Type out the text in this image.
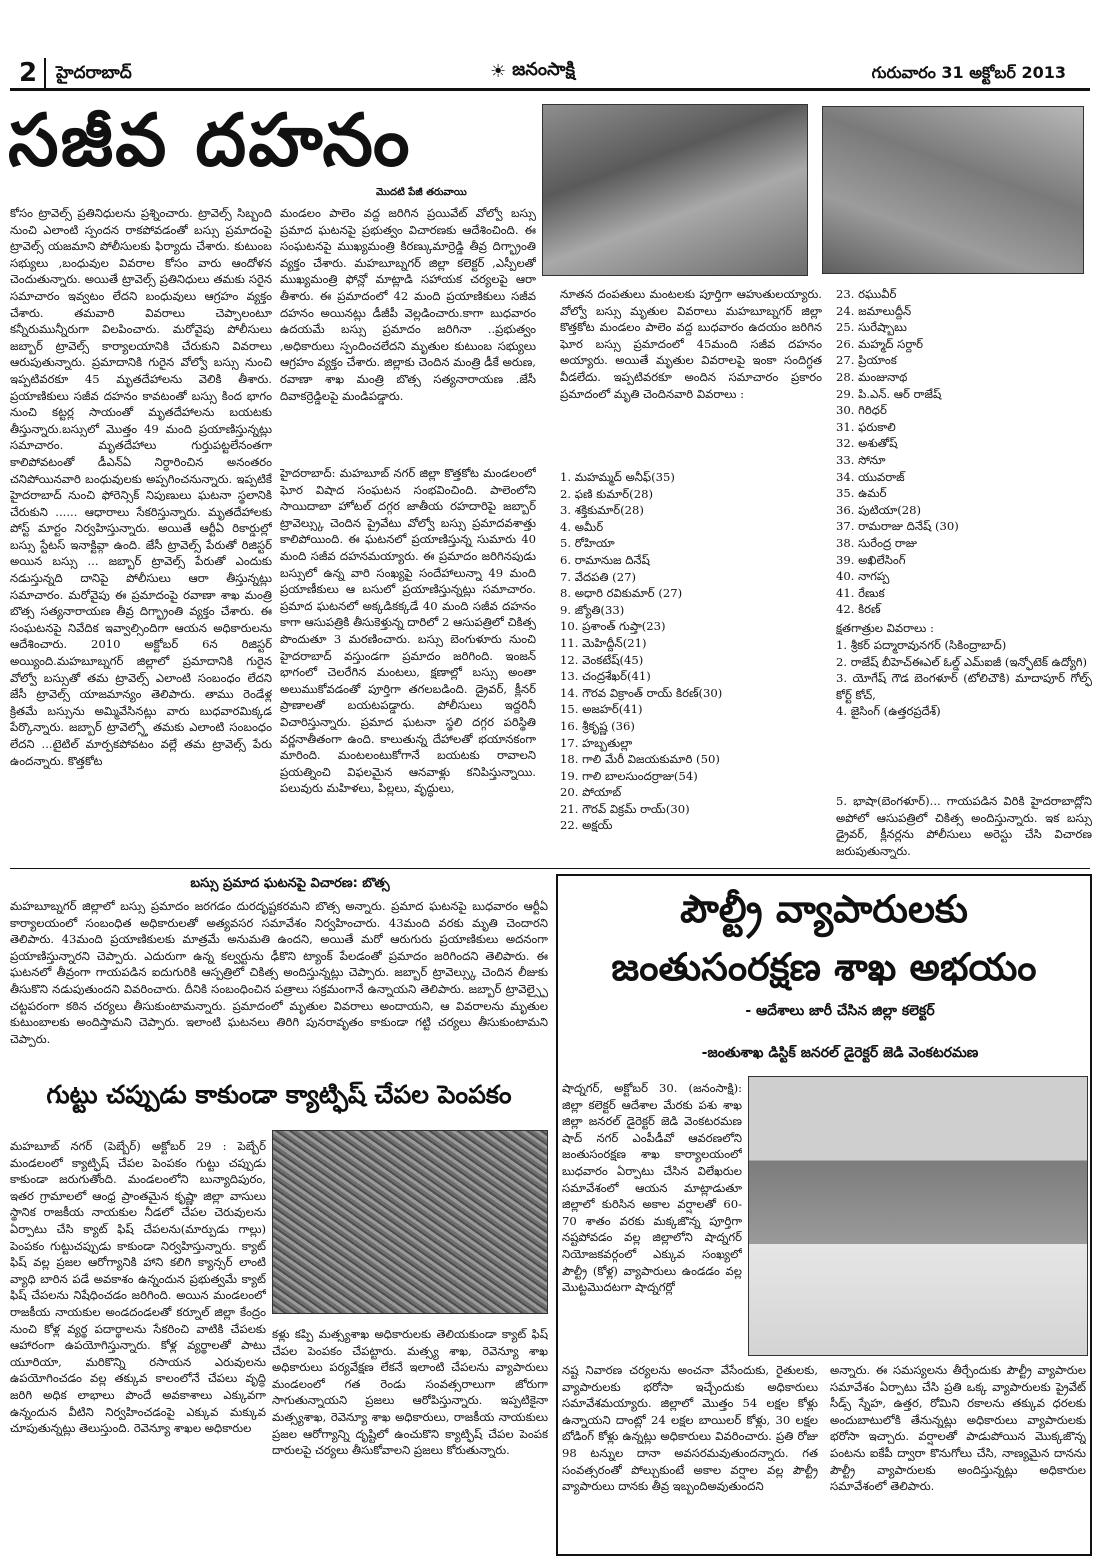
2	హైదరాబాద్	☀ జనంసాక్షి	గురువారం 31 అక్టోబర్ 2013
సజీవ దహనం
మొదటి పేజీ తరువాయి
కోసం ట్రావెల్స్ ప్రతినిధులను ప్రశ్నించారు. ట్రావెల్స్ సిబ్బంది నుంచి ఎలాంటి స్పందన రాకపోవడంతో బస్సు ప్రమాదంపై ట్రావెల్స్ యజమాని పోలీసులకు ఫిర్యాదు చేశారు. కుటుంబ సభ్యులు ,బంధువుల వివరాల కోసం వారు ఆందోళన చెందుతున్నారు. అయితే ట్రావెల్స్ ప్రతినిధులు తమకు సరైన సమాచారం ఇవ్వటం లేదని బంధువులు ఆగ్రహం వ్యక్తం చేశారు. తమవారి వివరాలు చెప్పాలంటూ కన్నీరుమున్నీరుగా విలపించారు. మరోవైపు పోలీసులు జబ్బార్ ట్రావెల్స్ కార్యాలయానికి చేరుకుని వివరాలు ఆరుపుతున్నారు. ప్రమాదానికి గురైన వోల్వో బస్సు నుంచి ఇప్పటివరకూ 45 మృతదేహాలను వెలికి తీశారు. ప్రయాణికులు సజీవ దహనం కావటంతో బస్సు కింద భాగం నుంచి కట్టర్ల సాయంతో మృతదేహాలను బయటకు తీస్తున్నారు.బస్సులో మొత్తం 49 మంది ప్రయాణిస్తున్నట్లు సమాచారం. మృతదేహాలు గుర్తుపట్టలేనంతగా కాలిపోవటంతో డీఎన్ఏ నిర్ధారించిన అనంతరం చనిపోయినవారి బంధువులకు అప్పగించనున్నారు. ఇప్పటికే హైదరాబాద్ నుంచి ఫోరెన్సిక్ నిపుణులు ఘటనా స్థలానికి చేరుకుని ...... ఆధారాలు సేకరిస్తున్నారు. మృతదేహాలకు పోస్ట్ మార్టం నిర్వహిస్తున్నారు. అయితే ఆర్టీఏ రికార్డుల్లో బస్సు స్టేటస్ ఇనాక్టివ్గా ఉంది. జేసీ ట్రావెల్స్ పేరుతో రిజిస్టర్ అయిన బస్సు ... జబ్బార్ ట్రావెల్స్ పేరుతో ఎందుకు నడుస్తున్నది దానిపై పోలీసులు ఆరా తీస్తున్నట్లు సమాచారం. మరోవైపు ఈ ప్రమాదంపై రవాణా శాఖ మంత్రి బొత్స సత్యనారాయణ తీవ్ర దిగ్భ్రాంతి వ్యక్తం చేశారు. ఈ సంఘటనపై నివేదిక ఇవ్వాల్సిందిగా ఆయన అధికారులను ఆదేశించారు. 2010 అక్టోబర్ 6న రిజిస్టర్ అయ్యింది.మహబూబ్నగర్ జిల్లాలో ప్రమాదానికి గురైన వోల్వో బస్సుతో తమ ట్రావెల్స్ ఎలాంటి సంబంధం లేదని జేసీ ట్రావెల్స్ యాజమాన్యం తెలిపారు. తాము రెండేళ్ల క్రితమే బస్సును అమ్మివేసినట్లు వారు బుధవారమిక్కడ పేర్కొన్నారు. జబ్బార్ ట్రావెల్స్తో తమకు ఎలాంటి సంబంధం లేదని ...టైటిల్ మార్పకపోవటం వల్లే తమ ట్రావెల్స్ పేరు ఉందన్నారు. కొత్తకోట
మండలం పాలెం వద్ద జరిగిన ప్రయివేట్ వోల్వో బస్సు ప్రమాద ఘటనపై ప్రభుత్వం విచారణకు ఆదేశించింది. ఈ సంఘటనపై ముఖ్యమంత్రి కిరణ్కుమార్రెడ్డి తీవ్ర దిగ్భ్రాంతి వ్యక్తం చేశారు. మహబూబ్నగర్ జిల్లా కలెక్టర్ ,ఎస్పీలతో ముఖ్యమంత్రి ఫోన్లో మాట్లాడి సహాయక చర్యలపై ఆరా తీశారు. ఈ ప్రమాదంలో 42 మంది ప్రయాణికులు సజీవ దహనం అయినట్లు డీజీపీ వెల్లడించారు.కాగా బుధవారం ఉదయమే బస్సు ప్రమాదం జరిగినా ..ప్రభుత్వం ,అధికారులు స్పందించలేదని మృతుల కుటుంబ సభ్యులు ఆగ్రహం వ్యక్తం చేశారు. జిల్లాకు చెందిన మంత్రి డీకే అరుణ, రవాణా శాఖ మంత్రి బొత్స సత్యనారాయణ .జేసీ దివాకర్రెడ్డిలపై మండిపడ్డారు.
హైదరాబాద్: మహబూబ్ నగర్ జిల్లా కొత్తకోట మండలంలో ఘోర విషాద సంఘటన సంభవించింది. పాలెంలోని సాయిదాబా హోటల్ దగ్గర జాతీయ రహదారిపై జబ్బార్ ట్రావెల్స్కు చెందిన ప్రైవేటు వోల్వో బస్సు ప్రమాదవశాత్తు కాలిపోయింది. ఈ ఘటనలో ప్రయాణిస్తున్న సుమారు 40 మంది సజీవ దహనమయ్యారు. ఈ ప్రమాదం జరిగినపుడు బస్సులో ఉన్న వారి సంఖ్యపై సందేహాలున్నా 49 మంది ప్రయాణీకులు ఆ బసులో ప్రయాణిస్తున్నట్లు సమాచారం. ప్రమాద ఘటనలో అక్కడికక్కడే 40 మంది సజీవ దహనం కాగా ఆసుపత్రికి తీసుకెళ్తున్న దారిలో 2 ఆసుపత్రిలో చికిత్స పొందుతూ 3 మరణించారు. బస్సు బెంగుళూరు నుంచి హైదరాబాద్ వస్తుండగా ప్రమాదం జరిగింది. ఇంజన్ భాగంలో చెలరేగిన మంటలు, క్షణాల్లో బస్సు అంతా అలుముకోవడంతో పూర్తిగా తగలబడింది. డ్రైవర్, క్లీనర్ ప్రాణాలతో బయటపడ్డారు. పోలీసులు ఇద్దరినీ విచారిస్తున్నారు. ప్రమాద ఘటనా స్థలి దగ్గర పరిస్థితి వర్ణనాతీతంగా ఉంది. కాలుతున్న దేహాలతో భయానకంగా మారింది. మంటలంటుకోగానే బయటకు రావాలని ప్రయత్నించి విఫలమైన ఆనవాళ్లు కనిపిస్తున్నాయి. పలువురు మహిళలు, పిల్లలు, వృద్ధులు,
నూతన దంపతులు మంటలకు పూర్తిగా ఆహుతులయ్యారు. వోల్వో బస్సు మృతుల వివరాలు మహబూబ్నగర్ జిల్లా కొత్తకోట మండలం పాలెం వద్ద బుధవారం ఉదయం జరిగిన ఘోర బస్సు ప్రమాదంలో 45మంది సజీవ దహనం అయ్యారు. అయితే మృతుల వివరాలపై ఇంకా సందిగ్ధత వీడలేదు. ఇప్పటివరకూ అందిన సమాచారం ప్రకారం ప్రమాదంలో మృతి చెందినవారి వివరాలు :
1. మహమ్మద్ అనీఫ్(35)
2. ఫణి కుమార్(28)
3. శక్తికుమార్(28)
4. అమీర్
5. రోహియా
6. రామానుజ దినేష్
7. వేదపతి (27)
8. అధారి రవికుమార్ (27)
9. జ్యోతి(33)
10. ప్రశాంత్ గుప్తా(23)
11. మెహిద్దీన్(21)
12. వెంకటేష్(45)
13. చంద్రశేఖర్(41)
14. గౌరవ విక్రాంత్ రాయ్ కిరణ్(30)
15. అజహర్(41)
16. శ్రీకృష్ణ (36)
17. హబ్బతుల్లా
18. గాలి మేరీ విజయకుమారి (50)
19. గాలి బాలసుందర్రాజు(54)
20. పోయాబ్
21. గౌరవ్ విక్రమ్ రాయ్(30)
22. అక్షయ్
23. రఘువీర్
24. జమాలుద్దీన్
25. సురేష్బాబు
26. మహ్మద్ సర్దార్
27. ప్రియాంక
28. మంజునాథ
29. పి.ఎన్. ఆర్ రాజేష్
30. గిరిధర్
31. ఫరుకాలి
32. అశుతోష్
33. సోనూ
34. యువరాజ్
35. ఉమర్
36. పుటియా(28)
37. రామరాజు దినేష్ (30)
38. సురేంద్ర రాజు
39. అఖిలేసింగ్
40. నాగప్ప
41. రేణుక
42. కిరణ్
క్షతగాత్రుల వివరాలు :
1. శ్రీకర్ పద్మారావునగర్ (సికింద్రాబాద్)
2. రాజేష్ బీహెచ్ఈఎల్ ఓల్డ్ ఎమ్ఐజీ (ఇన్ఫోటెక్ ఉద్యోగి)
3. యోగేష్ గౌడ బెంగళూర్ (టోలిచౌకి) మాదాపూర్ గోల్ఫ్ కోర్ట్ కోచ్,
4. జైసింగ్ (ఉత్తరప్రదేశ్)
5. భాషా(బెంగళూర్)... గాయపడిన విరికి హైదరాబాద్లోని అపోలో ఆసుపత్రిలో చికిత్స అందిస్తున్నారు. ఇక బస్సు డ్రైవర్, క్లీనర్లను పోలీసులు అరెస్టు చేసి విచారణ జరుపుతున్నారు.
బస్సు ప్రమాద ఘటనపై విచారణ: బొత్స
మహబూబ్నగర్ జిల్లాలో బస్సు ప్రమాదం జరగడం దురదృష్టకరమని బొత్స అన్నారు. ప్రమాద ఘటనపై బుధవారం ఆర్టీఏ కార్యాలయంలో సంబంధిత అధికారులతో అత్యవసర సమావేశం నిర్వహించారు. 43మంది వరకు మృతి చెందారని తెలిపారు. 43మంది ప్రయాణికులకు మాత్రమే అనుమతి ఉందని, అయితే మరో ఆరుగురు ప్రయాణికులు అదనంగా ప్రయాణిస్తున్నారని చెప్పారు. ఎదురుగా ఉన్న కల్వర్టును ఢీకొని ట్యాంక్ పేలడంతో ప్రమాదం జరిగిందని తెలిపారు. ఈ ఘటనలో తీవ్రంగా గాయపడిన ఐదుగురికి ఆస్పత్రిలో చికిత్స అందిస్తున్నట్లు చెప్పారు. జబ్బార్ ట్రావెల్స్కు చెందిన లీజుకు తీసుకొని నడుపుతుందని వివరించారు. దీనికి సంబంధించిన పత్రాలు సక్రమంగానే ఉన్నాయని తెలిపారు. జబ్బార్ ట్రావెల్స్పై చట్టపరంగా కఠిన చర్యలు తీసుకుంటామన్నారు. ప్రమాదంలో మృతుల వివరాలు అందాయని, ఆ వివరాలను మృతుల కుటుంబాలకు అందిస్తామని చెప్పారు. ఇలాంటి ఘటనలు తిరిగి పునరావృతం కాకుండా గట్టి చర్యలు తీసుకుంటామని చెప్పారు.
గుట్టు చప్పుడు కాకుండా క్యాట్ఫిష్ చేపల పెంపకం
మహబూబ్ నగర్ (పెబ్బేర్) అక్టోబర్ 29 : పెబ్బేర్ మండలంలో క్యాట్ఫిష్ చేపల పెంపకం గుట్టు చప్పుడు కాకుండా జరుగుతోంది. మండలంలోని బున్యాదిపురం, ఇతర గ్రామాలలో ఆంధ్ర ప్రాంతమైన కృష్ణా జిల్లా వాసులు స్థానిక రాజకీయ నాయకుల నీడలో చేపల చెరువులను ఏర్పాటు చేసి క్యాట్ ఫిష్ చేపలను(మార్పుడు గాల్లు) పెంపకం గుట్టుచప్పుడు కాకుండా నిర్వహిస్తున్నారు. క్యాట్ ఫిష్ వల్ల ప్రజల ఆరోగ్యానికి హాని కలిగి క్యాన్సర్ లాంటి వ్యాధి బారిన పడే అవకాశం ఉన్నందున ప్రభుత్వమే క్యాట్ ఫిష్ చేపలను నిషేధించడం జరిగింది. అయిన మండలంలో రాజకీయ నాయకుల అండదండలతో కర్నూల్ జిల్లా కేంద్రం నుంచి కోళ్ల వ్యర్థ పదార్థాలను సేకరించి వాటికి చేపలకు ఆహారంగా ఉపయోగిస్తున్నారు. కోళ్ల వ్యర్థాలతో పాటు యూరియా, మరికొన్ని రసాయన ఎరువులను ఉపయోగించడం వల్ల తక్కువ కాలంలోనే చేపలు వృద్ధి జరిగి అధిక లాభాలు పొందే అవకాశాలు ఎక్కువగా ఉన్నందున వీటిని నిర్వహించడంపై ఎక్కువ మక్కువ చూపుతున్నట్లు తెలుస్తుంది. రెవెన్యూ శాఖల అధికారుల
కళ్లు కప్పి మత్స్యశాఖ అధికారులకు తెలియకుండా క్యాట్ ఫిష్ చేపల పెంపకం చేపట్టారు. మత్స్య శాఖ, రెవెన్యూ శాఖ అధికారులు పర్యవేక్షణ లేకనే ఇలాంటి చేపలను వ్యాపారులు మండలంలో గత రెండు సంవత్సరాలుగా జోరుగా సాగుతున్నాయని ప్రజలు ఆరోపిస్తున్నారు. ఇప్పటికైనా మత్స్యశాఖ, రెవెన్యూ శాఖ అధికారులు, రాజకీయ నాయకులు ప్రజల ఆరోగ్యాన్ని దృష్టిలో ఉంచుకొని క్యాట్ఫిష్ చేపల పెంపక దారులపై చర్యలు తీసుకోవాలని ప్రజలు కోరుతున్నారు.
పౌల్ట్రీ వ్యాపారులకు
జంతుసంరక్షణ శాఖ అభయం
- ఆదేశాలు జారీ చేసిన జిల్లా కలెక్టర్
-జంతుశాఖ డిస్టిక్ జనరల్ డైరెక్టర్ జెడి వెంకటరమణ
షాద్నగర్, అక్టోబర్ 30. (జనంసాక్షి): జిల్లా కలెక్టర్ ఆదేశాల మేరకు పశు శాఖ జిల్లా జనరల్ డైరెక్టర్ జెడి వెంకటరమణ షాద్ నగర్ ఎంపీడీవో ఆవరణలోని జంతుసంరక్షణ శాఖ కార్యాలయంలో బుధవారం ఏర్పాటు చేసిన విలేఖరుల సమావేశంలో ఆయన మాట్లాడుతూ జిల్లాలో కురిసిన అకాల వర్షాలతో 60-70 శాతం వరకు మక్కజొన్న పూర్తిగా నష్టపోవడం వల్ల జిల్లాలోని షాద్నగర్ నియోజకవర్గంలో ఎక్కువ సంఖ్యలో పౌల్ట్రీ (కోళ్ల) వ్యాపారులు ఉండడం వల్ల మొట్టమొదటగా షాద్నగర్లో
నష్ట నివారణ చర్యలను అంచనా వేసేందుకు, రైతులకు, వ్యాపారులకు భరోసా ఇచ్చేందుకు అధికారులు సమావేశమయ్యారు. జిల్లాలో మొత్తం 54 లక్షల కోళ్లు ఉన్నాయని దాంట్లో 24 లక్షల బాయిలర్ కోళ్లు, 30 లక్షల బోడింగ్ కోళ్లు ఉన్నట్లు అధికారులు వివరించారు. ప్రతి రోజు 98 టన్నుల దానా అవసరమవుతుందన్నారు. గత సంవత్సరంతో పోల్చుకుంటే అకాల వర్షాల వల్ల పౌల్ట్రీ వ్యాపారులు దానకు తీవ్ర ఇబ్బందిఅవుతుందని
అన్నారు. ఈ సమస్యలను తీర్చేందుకు పౌల్ట్రీ వ్యాపారుల సమావేశం ఏర్పాటు చేసి ప్రతి ఒక్క వ్యాపారులకు ప్రైవేట్ సీడ్స్ స్నేహ, ఉత్తర, రోమిని రకాలను తక్కువ ధరలకు అందుబాటులోకి తేనున్నట్లు అధికారులు వ్యాపారులకు భరోసా ఇచ్చారు. వర్షాలతో పాడుపోయిన మొక్కజొన్న పంటను ఐకేపీ ద్వారా కొనుగోలు చేసి, నాణ్యమైన దానను పౌల్ట్రీ వ్యాపారులకు అందిస్తున్నట్లు అధికారుల సమావేశంలో తెలిపారు.
